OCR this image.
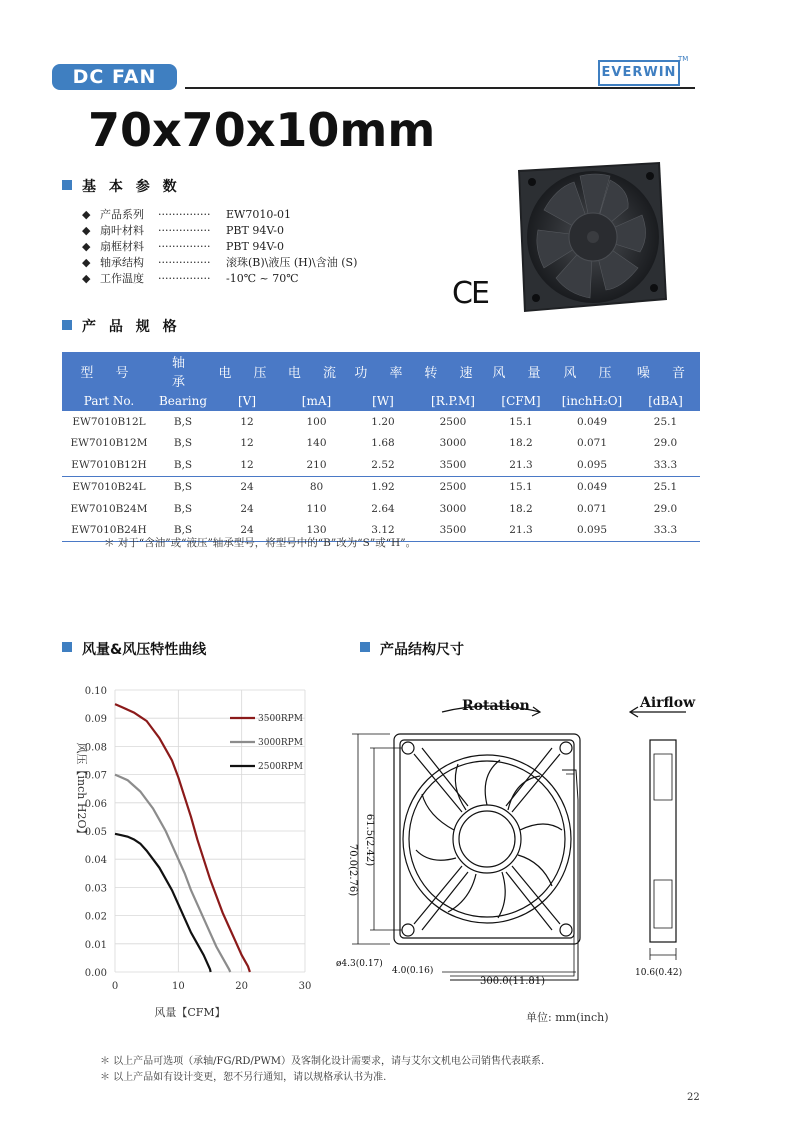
DC FAN	EVERWIN
TM
70x70x10mm
基 本 参 数
◆ 产品系列	···············	EW7010-01
◆ 扇叶材料	···············	PBT 94V-0
◆ 扇框材料	···············	PBT 94V-0
◆ 轴承结构	···············	滚珠(B)\液压 (H)\含油 (S)
◆ 工作温度	···············	-10℃ ~ 70℃	CE
产 品 规 格
型 号	轴 承	电 压	电 流	功 率	转 速	风 量	风 压	噪 音
Part No.	Bearing	[V]	[mA]	[W]	[R.P.M]	[CFM]	[inchH₂O]	[dBA]
EW7010B12L	B,S	12	100	1.20	2500	15.1	0.049	25.1
EW7010B12M	B,S	12	140	1.68	3000	18.2	0.071	29.0
EW7010B12H	B,S	12	210	2.52	3500	21.3	0.095	33.3
EW7010B24L	B,S	24	80	1.92	2500	15.1	0.049	25.1
EW7010B24M	B,S	24	110	2.64	3000	18.2	0.071	29.0
EW7010B24H	B,S	24	130	3.12	3500	21.3	0.095	33.3
＊ 对于“含油”或“液压”轴承型号，将型号中的“B”改为“S”或“H”。
风量&风压特性曲线	产品结构尺寸
0.00
0.01
0.02
0.03
0.04
0.05
0.06
0.07
0.08
0.09
0.10
0	10	20	30
3500RPM
3000RPM
2500RPM
风压【inch H2O】
风量【CFM】
Rotation	Airflow
70.0(2.76)
61.5(2.42)
ø4.3(0.17)
4.0(0.16)
300.0(11.81)
10.6(0.42)
单位: mm(inch)
＊ 以上产品可选项（承轴/FG/RD/PWM）及客制化设计需要求，请与艾尔文机电公司销售代表联系.
＊ 以上产品如有设计变更，恕不另行通知，请以规格承认书为准.
22
